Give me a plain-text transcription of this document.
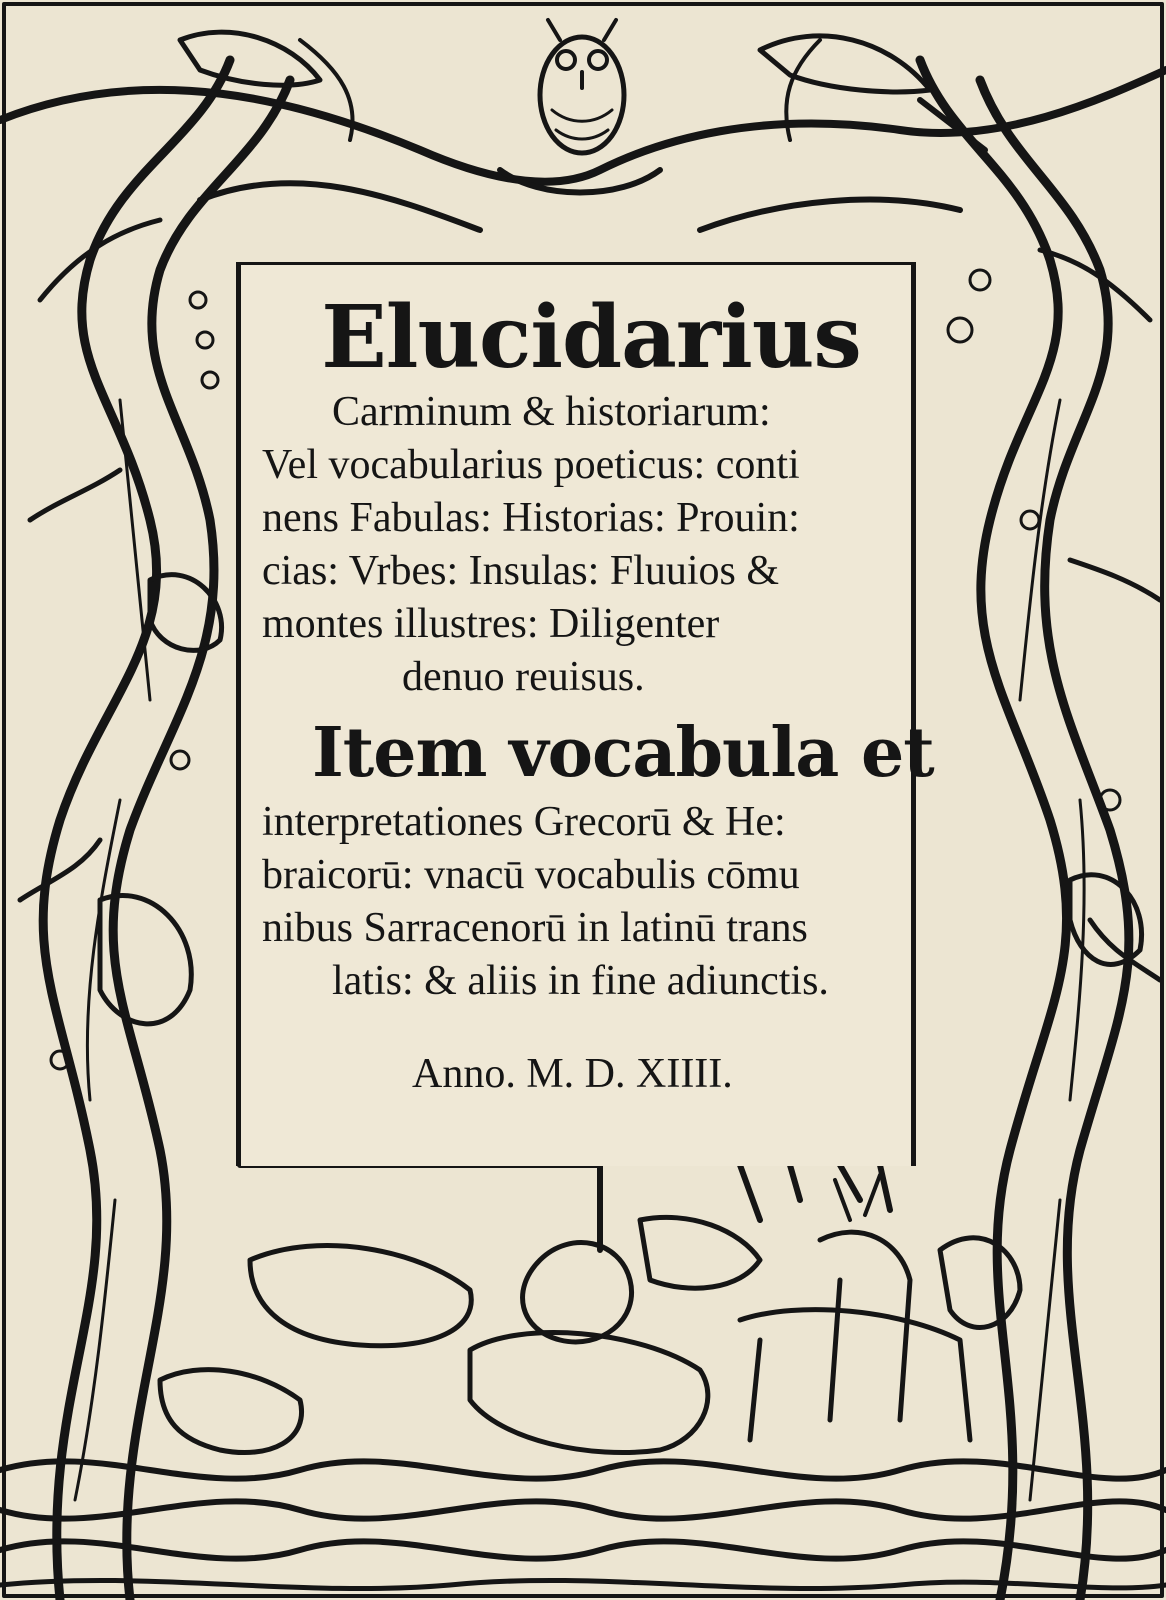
Elucidarius

Carminum & historiarum:

Vel vocabularius poeticus: conti

nens Fabulas: Historias: Prouin:

cias: Vrbes: Insulas: Fluuios &

montes illustres: Diligenter

denuo reuisus.

Item vocabula et

interpretationes Grecorū & He:

braicorū: vnacū vocabulis cōmu

nibus Sarracenorū in latinū trans

latis: & aliis in fine adiunctis.

Anno. M. D. XIIII.
